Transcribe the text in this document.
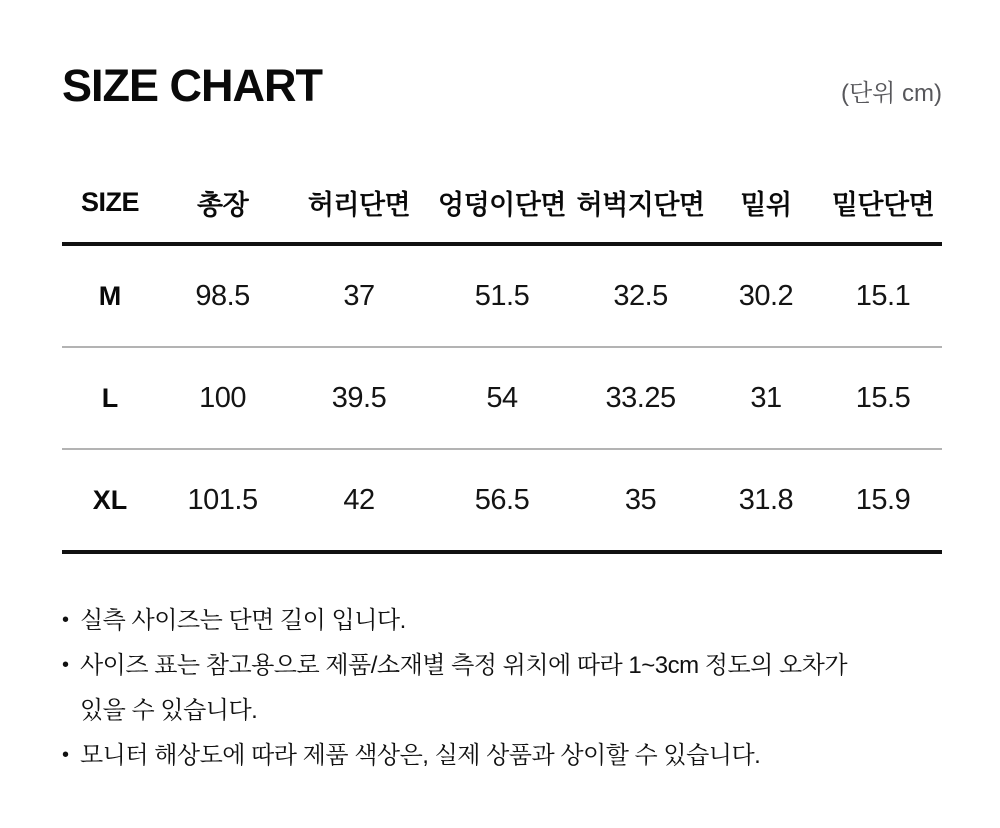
SIZE CHART	(단위 cm)
SIZE	총장	허리단면	엉덩이단면	허벅지단면	밑위	밑단단면
M	98.5	37	51.5	32.5	30.2	15.1
L	100	39.5	54	33.25	31	15.5
XL	101.5	42	56.5	35	31.8	15.9
• 실측 사이즈는 단면 길이 입니다.
• 사이즈 표는 참고용으로 제품/소재별 측정 위치에 따라 1~3cm 정도의 오차가 있을 수 있습니다.
• 모니터 해상도에 따라 제품 색상은, 실제 상품과 상이할 수 있습니다.
